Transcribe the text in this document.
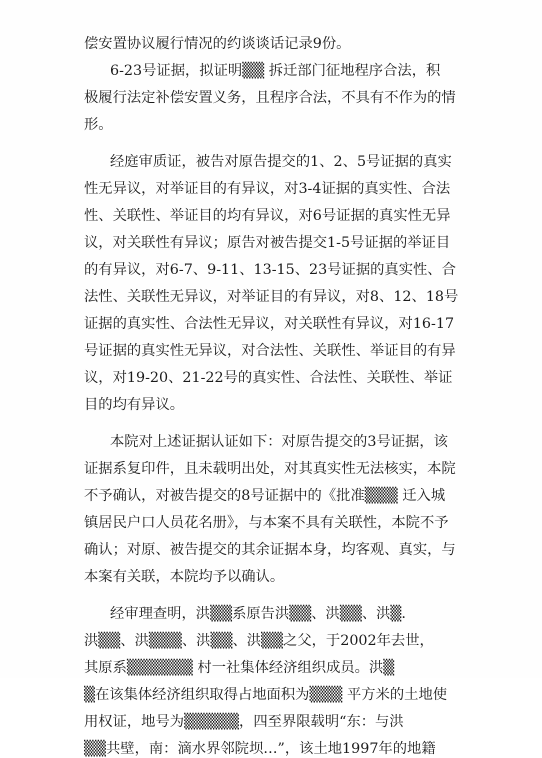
偿安置协议履行情况的约谈谈话记录9份。
6-23号证据，拟证明▒▒ 拆迁部门征地程序合法，积
极履行法定补偿安置义务，且程序合法，不具有不作为的情
形。
经庭审质证，被告对原告提交的1、2、5号证据的真实
性无异议，对举证目的有异议，对3-4证据的真实性、合法
性、关联性、举证目的均有异议，对6号证据的真实性无异
议，对关联性有异议；原告对被告提交1-5号证据的举证目
的有异议，对6-7、9-11、13-15、23号证据的真实性、合
法性、关联性无异议，对举证目的有异议，对8、12、18号
证据的真实性、合法性无异议，对关联性有异议，对16-17
号证据的真实性无异议，对合法性、关联性、举证目的有异
议，对19-20、21-22号的真实性、合法性、关联性、举证
目的均有异议。
本院对上述证据认证如下：对原告提交的3号证据，该
证据系复印件，且未载明出处，对其真实性无法核实，本院
不予确认，对被告提交的8号证据中的《批准▒▒▒ 迁入城
镇居民户口人员花名册》，与本案不具有关联性，本院不予
确认；对原、被告提交的其余证据本身，均客观、真实，与
本案有关联，本院均予以确认。
经审理查明，洪▒▒系原告洪▒▒、洪▒▒、洪▒.
洪▒▒、洪▒▒▒、洪▒▒、洪▒▒之父，于2002年去世，
其原系▒▒▒▒▒▒ 村一社集体经济组织成员。洪▒
▒在该集体经济组织取得占地面积为▒▒▒ 平方米的土地使
用权证，地号为▒▒▒▒▒，四至界限载明“东：与洪
▒▒共壁，南：滴水界邻院坝…”，该土地1997年的地籍
